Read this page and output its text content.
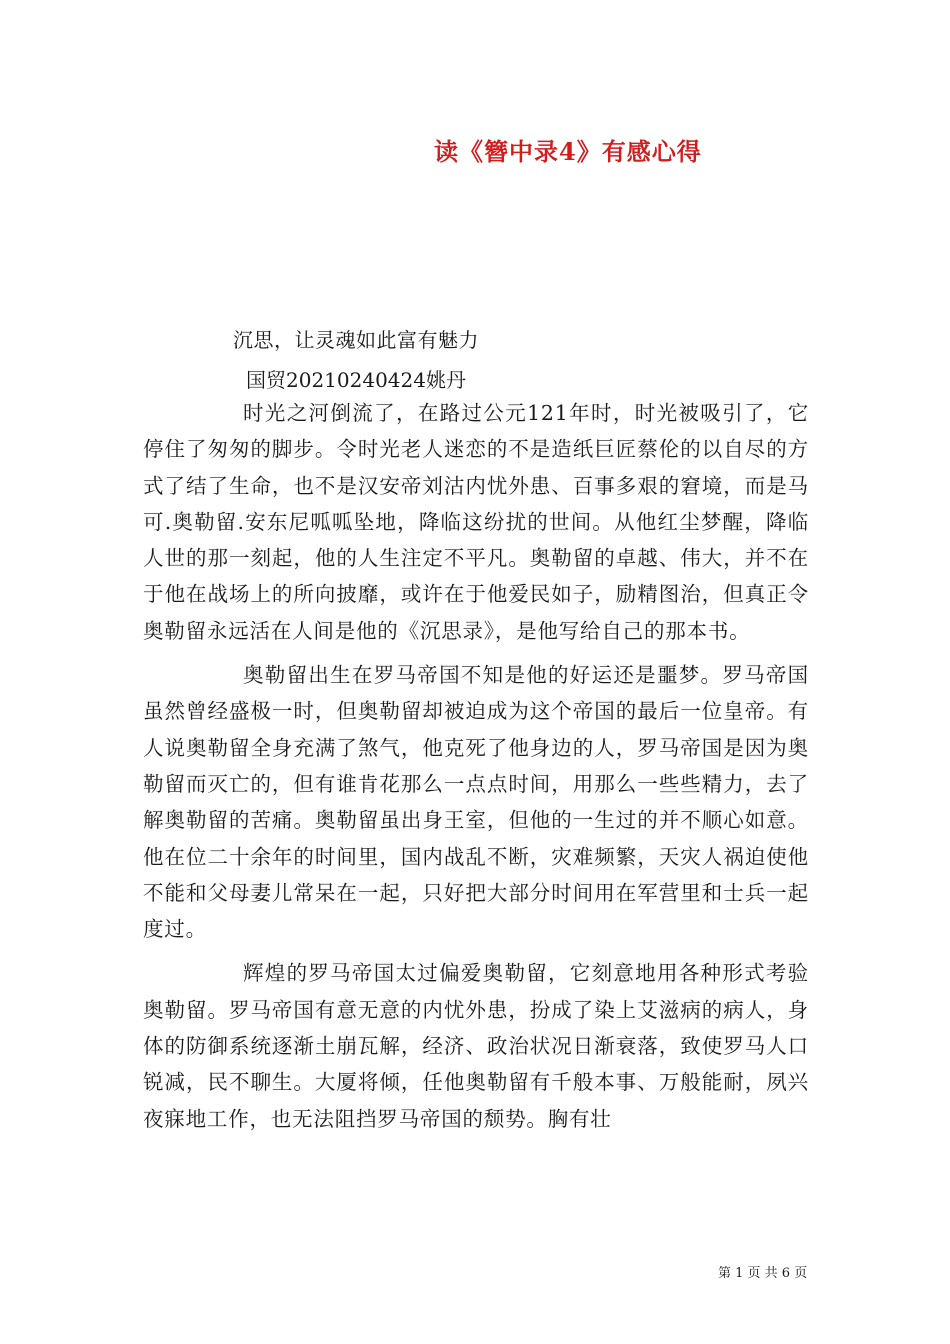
读《簪中录4》有感心得
沉思，让灵魂如此富有魅力
国贸20210240424姚丹

时光之河倒流了，在路过公元121年时，时光被吸引了，它停住了匆匆的脚步。令时光老人迷恋的不是造纸巨匠蔡伦的以自尽的方式了结了生命，也不是汉安帝刘沽内忧外患、百事多艰的窘境，而是马可.奥勒留.安东尼呱呱坠地，降临这纷扰的世间。从他红尘梦醒，降临人世的那一刻起，他的人生注定不平凡。奥勒留的卓越、伟大，并不在于他在战场上的所向披靡，或许在于他爱民如子，励精图治，但真正令奥勒留永远活在人间是他的《沉思录》，是他写给自己的那本书。

奥勒留出生在罗马帝国不知是他的好运还是噩梦。罗马帝国虽然曾经盛极一时，但奥勒留却被迫成为这个帝国的最后一位皇帝。有人说奥勒留全身充满了煞气，他克死了他身边的人，罗马帝国是因为奥勒留而灭亡的，但有谁肯花那么一点点时间，用那么一些些精力，去了解奥勒留的苦痛。奥勒留虽出身王室，但他的一生过的并不顺心如意。他在位二十余年的时间里，国内战乱不断，灾难频繁，天灾人祸迫使他不能和父母妻儿常呆在一起，只好把大部分时间用在军营里和士兵一起度过。

辉煌的罗马帝国太过偏爱奥勒留，它刻意地用各种形式考验奥勒留。罗马帝国有意无意的内忧外患，扮成了染上艾滋病的病人，身体的防御系统逐渐土崩瓦解，经济、政治状况日渐衰落，致使罗马人口锐减，民不聊生。大厦将倾，任他奥勒留有千般本事、万般能耐，夙兴夜寐地工作，也无法阻挡罗马帝国的颓势。胸有壮

第 1 页 共 6 页
